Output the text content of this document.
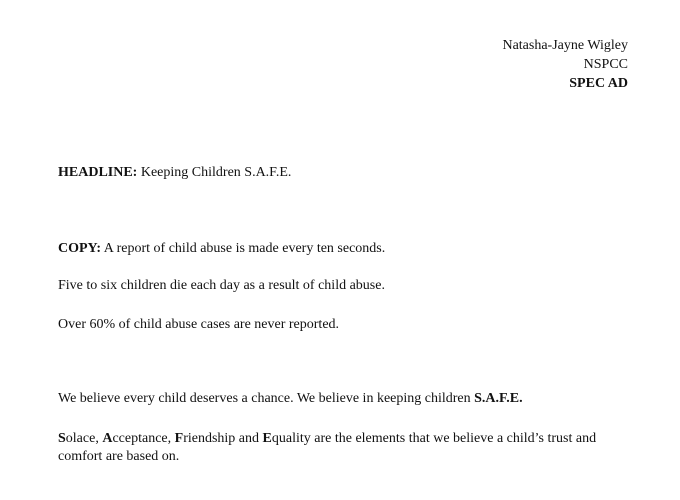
Natasha-Jayne Wigley
NSPCC
SPEC AD
HEADLINE: Keeping Children S.A.F.E.
COPY: A report of child abuse is made every ten seconds.
Five to six children die each day as a result of child abuse.
Over 60% of child abuse cases are never reported.
We believe every child deserves a chance. We believe in keeping children S.A.F.E.
Solace, Acceptance, Friendship and Equality are the elements that we believe a child’s trust and comfort are based on.
